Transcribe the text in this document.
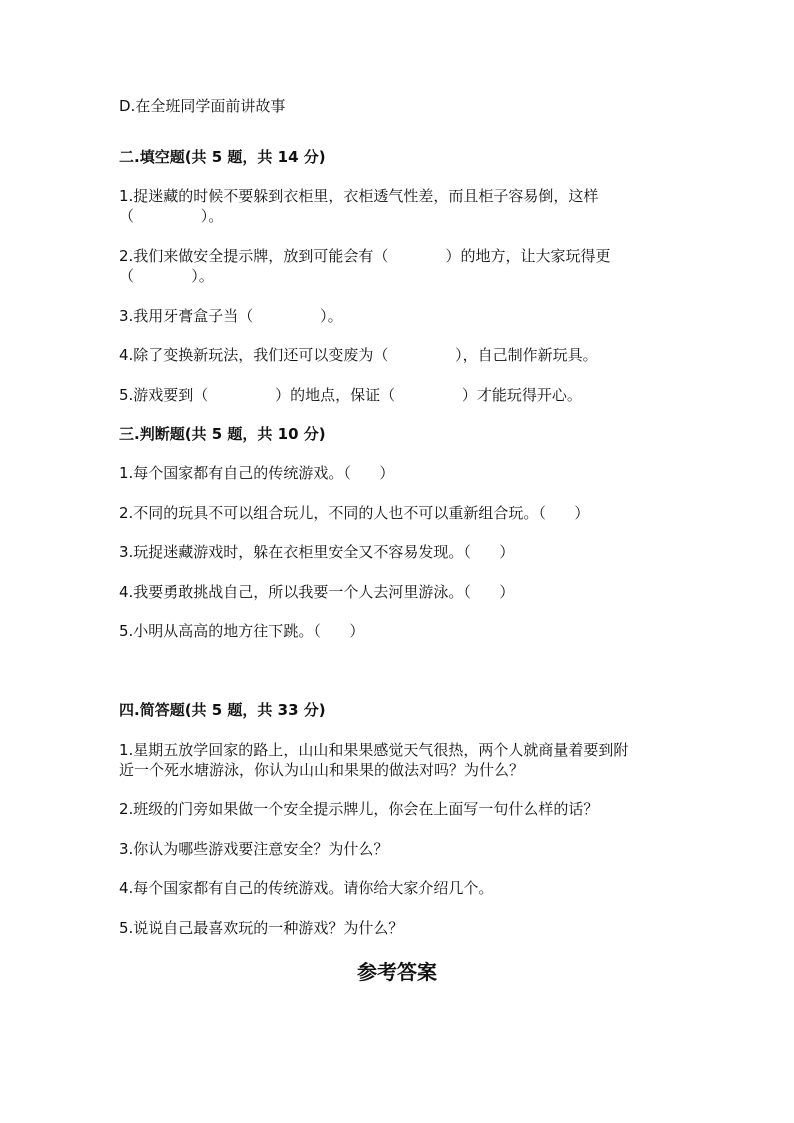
D.在全班同学面前讲故事

二.填空题(共 5 题，共 14 分)

1.捉迷藏的时候不要躲到衣柜里，衣柜透气性差，而且柜子容易倒，这样

（              ）。

2.我们来做安全提示牌，放到可能会有（            ）的地方，让大家玩得更

（            ）。

3.我用牙膏盒子当（              ）。

4.除了变换新玩法，我们还可以变废为（              ），自己制作新玩具。

5.游戏要到（              ）的地点，保证（              ）才能玩得开心。

三.判断题(共 5 题，共 10 分)

1.每个国家都有自己的传统游戏。（      ）

2.不同的玩具不可以组合玩儿，不同的人也不可以重新组合玩。（      ）

3.玩捉迷藏游戏时，躲在衣柜里安全又不容易发现。（      ）

4.我要勇敢挑战自己，所以我要一个人去河里游泳。（      ）

5.小明从高高的地方往下跳。（      ）

四.简答题(共 5 题，共 33 分)

1.星期五放学回家的路上，山山和果果感觉天气很热，两个人就商量着要到附

近一个死水塘游泳，你认为山山和果果的做法对吗？为什么？

2.班级的门旁如果做一个安全提示牌儿，你会在上面写一句什么样的话？

3.你认为哪些游戏要注意安全？为什么？

4.每个国家都有自己的传统游戏。请你给大家介绍几个。

5.说说自己最喜欢玩的一种游戏？为什么？

参考答案
